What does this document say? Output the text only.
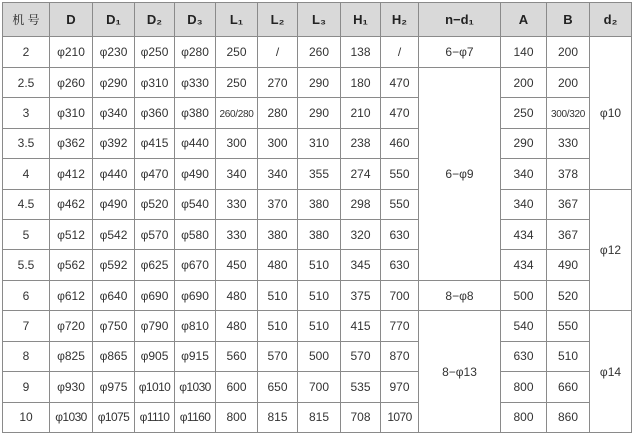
机 号	D	D₁	D₂	D₃	L₁	L₂	L₃	H₁	H₂	n−d₁	A	B	d₂
2	φ210	φ230	φ250	φ280	250	/	260	138	/	6−φ7	140	200	φ10
2.5	φ260	φ290	φ310	φ330	250	270	290	180	470	6−φ9	200	200	
3	φ310	φ340	φ360	φ380	260/280	280	290	210	470		250	300/320	
3.5	φ362	φ392	φ415	φ440	300	300	310	238	460		290	330	
4	φ412	φ440	φ470	φ490	340	340	355	274	550		340	378	
4.5	φ462	φ490	φ520	φ540	330	370	380	298	550		340	367	φ12
5	φ512	φ542	φ570	φ580	330	380	380	320	630		434	367	
5.5	φ562	φ592	φ625	φ670	450	480	510	345	630		434	490	
6	φ612	φ640	φ690	φ690	480	510	510	375	700	8−φ8	500	520	
7	φ720	φ750	φ790	φ810	480	510	510	415	770	8−φ13	540	550	φ14
8	φ825	φ865	φ905	φ915	560	570	500	570	870		630	510	
9	φ930	φ975	φ1010	φ1030	600	650	700	535	970		800	660	
10	φ1030	φ1075	φ1110	φ1160	800	815	815	708	1070		800	860	
